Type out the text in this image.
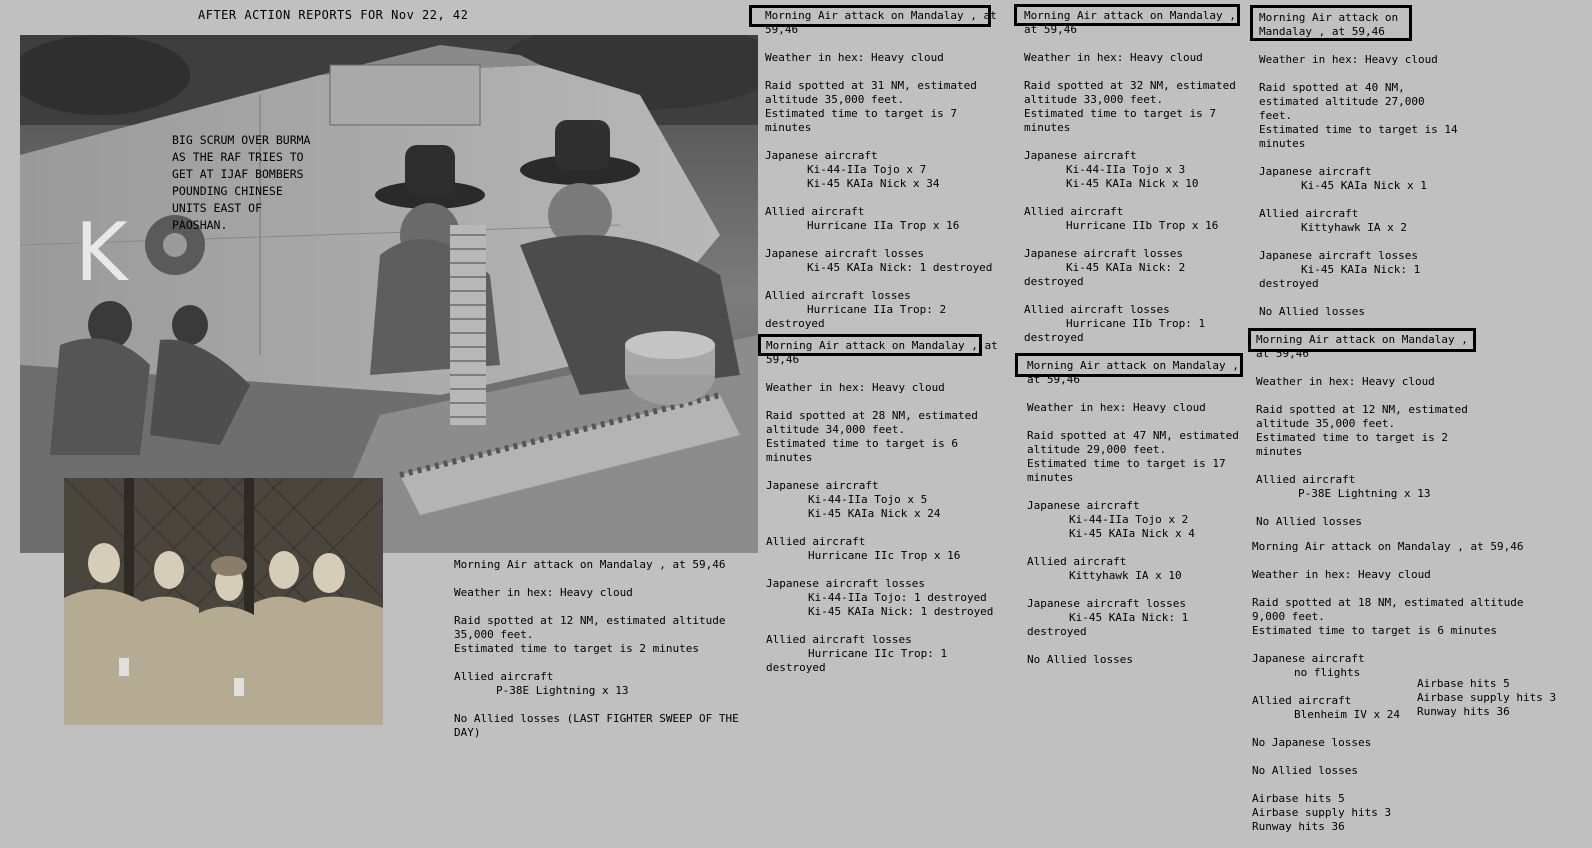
AFTER ACTION REPORTS FOR Nov 22, 42
K
BIG SCRUM OVER BURMA
AS THE RAF TRIES TO
GET AT IJAF BOMBERS
POUNDING CHINESE
UNITS EAST OF
PAOSHAN.

Morning Air attack on Mandalay , at 59,46

Weather in hex: Heavy cloud

Raid spotted at 31 NM, estimated altitude 35,000 feet.
Estimated time to target is 7 minutes

Japanese aircraft
Ki-44-IIa Tojo x 7
Ki-45 KAIa Nick x 34

Allied aircraft
Hurricane IIa Trop x 16

Japanese aircraft losses
Ki-45 KAIa Nick: 1 destroyed

Allied aircraft losses
Hurricane IIa Trop: 2 destroyed

Morning Air attack on Mandalay , at 59,46

Weather in hex: Heavy cloud

Raid spotted at 28 NM, estimated altitude 34,000 feet.
Estimated time to target is 6 minutes

Japanese aircraft
Ki-44-IIa Tojo x 5
Ki-45 KAIa Nick x 24

Allied aircraft
Hurricane IIc Trop x 16

Japanese aircraft losses
Ki-44-IIa Tojo: 1 destroyed
Ki-45 KAIa Nick: 1 destroyed

Allied aircraft losses
Hurricane IIc Trop: 1 destroyed

Morning Air attack on Mandalay , at 59,46

Weather in hex: Heavy cloud

Raid spotted at 12 NM, estimated altitude 35,000 feet.
Estimated time to target is 2 minutes

Allied aircraft
P-38E Lightning x 13

No Allied losses (LAST FIGHTER SWEEP OF THE DAY)

Morning Air attack on Mandalay , at 59,46

Weather in hex: Heavy cloud

Raid spotted at 32 NM, estimated altitude 33,000 feet.
Estimated time to target is 7 minutes

Japanese aircraft
Ki-44-IIa Tojo x 3
Ki-45 KAIa Nick x 10

Allied aircraft
Hurricane IIb Trop x 16

Japanese aircraft losses
Ki-45 KAIa Nick: 2 destroyed

Allied aircraft losses
Hurricane IIb Trop: 1 destroyed

Morning Air attack on Mandalay , at 59,46

Weather in hex: Heavy cloud

Raid spotted at 47 NM, estimated altitude 29,000 feet.
Estimated time to target is 17 minutes

Japanese aircraft
Ki-44-IIa Tojo x 2
Ki-45 KAIa Nick x 4

Allied aircraft
Kittyhawk IA x 10

Japanese aircraft losses
Ki-45 KAIa Nick: 1 destroyed

No Allied losses

Morning Air attack on Mandalay , at 59,46

Weather in hex: Heavy cloud

Raid spotted at 40 NM, estimated altitude 27,000 feet.
Estimated time to target is 14 minutes

Japanese aircraft
Ki-45 KAIa Nick x 1

Allied aircraft
Kittyhawk IA x 2

Japanese aircraft losses
Ki-45 KAIa Nick: 1 destroyed

No Allied losses

Morning Air attack on Mandalay , at 59,46

Weather in hex: Heavy cloud

Raid spotted at 12 NM, estimated altitude 35,000 feet.
Estimated time to target is 2 minutes

Allied aircraft
P-38E Lightning x 13

No Allied losses

Morning Air attack on Mandalay , at 59,46

Weather in hex: Heavy cloud

Raid spotted at 18 NM, estimated altitude 9,000 feet.
Estimated time to target is 6 minutes

Japanese aircraft
no flights

Allied aircraft
Blenheim IV x 24

No Japanese losses

No Allied losses

Airbase hits 5
Airbase supply hits 3
Runway hits 36

Airbase hits 5
Airbase supply hits 3
Runway hits 36
